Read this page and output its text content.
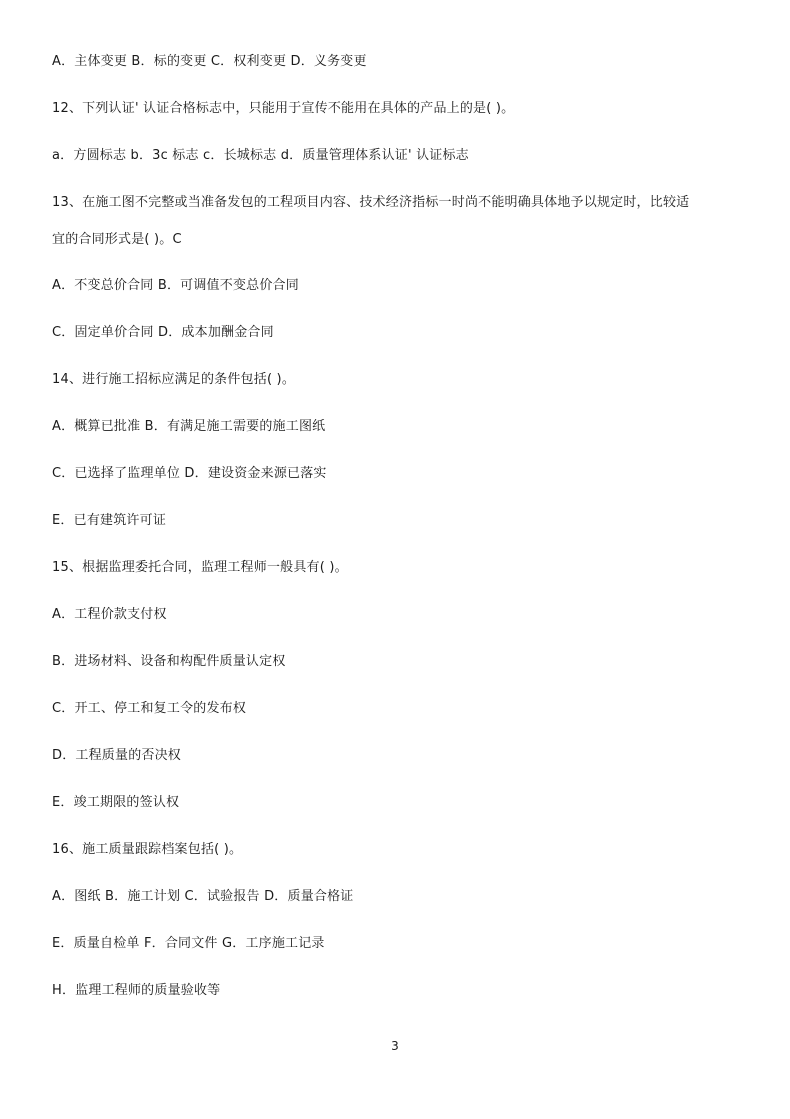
A．主体变更 B．标的变更 C．权利变更 D．义务变更
12、下列认证' 认证合格标志中，只能用于宣传不能用在具体的产品上的是( )。
a．方圆标志 b．3c 标志 c．长城标志 d．质量管理体系认证' 认证标志
13、在施工图不完整或当准备发包的工程项目内容、技术经济指标一时尚不能明确具体地予以规定时，比较适
宜的合同形式是( )。C
A．不变总价合同 B．可调值不变总价合同
C．固定单价合同 D．成本加酬金合同
14、进行施工招标应满足的条件包括( )。
A．概算已批准 B．有满足施工需要的施工图纸
C．已选择了监理单位 D．建设资金来源已落实
E．已有建筑许可证
15、根据监理委托合同，监理工程师一般具有( )。
A．工程价款支付权
B．进场材料、设备和构配件质量认定权
C．开工、停工和复工令的发布权
D．工程质量的否决权
E．竣工期限的签认权
16、施工质量跟踪档案包括( )。
A．图纸 B．施工计划 C．试验报告 D．质量合格证
E．质量自检单 F．合同文件 G．工序施工记录
H．监理工程师的质量验收等
3
